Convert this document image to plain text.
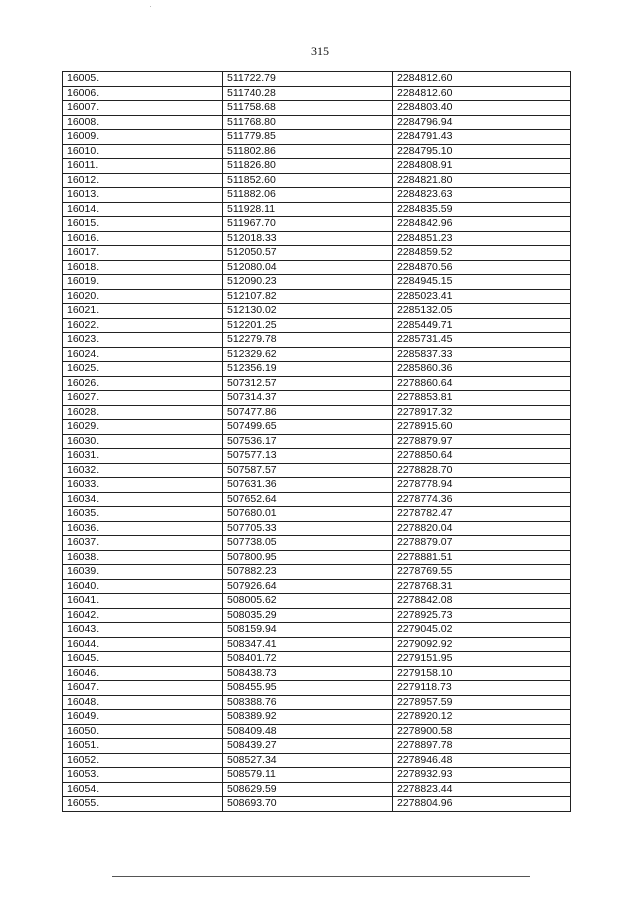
315
16005.	511722.79	2284812.60
16006.	511740.28	2284812.60
16007.	511758.68	2284803.40
16008.	511768.80	2284796.94
16009.	511779.85	2284791.43
16010.	511802.86	2284795.10
16011.	511826.80	2284808.91
16012.	511852.60	2284821.80
16013.	511882.06	2284823.63
16014.	511928.11	2284835.59
16015.	511967.70	2284842.96
16016.	512018.33	2284851.23
16017.	512050.57	2284859.52
16018.	512080.04	2284870.56
16019.	512090.23	2284945.15
16020.	512107.82	2285023.41
16021.	512130.02	2285132.05
16022.	512201.25	2285449.71
16023.	512279.78	2285731.45
16024.	512329.62	2285837.33
16025.	512356.19	2285860.36
16026.	507312.57	2278860.64
16027.	507314.37	2278853.81
16028.	507477.86	2278917.32
16029.	507499.65	2278915.60
16030.	507536.17	2278879.97
16031.	507577.13	2278850.64
16032.	507587.57	2278828.70
16033.	507631.36	2278778.94
16034.	507652.64	2278774.36
16035.	507680.01	2278782.47
16036.	507705.33	2278820.04
16037.	507738.05	2278879.07
16038.	507800.95	2278881.51
16039.	507882.23	2278769.55
16040.	507926.64	2278768.31
16041.	508005.62	2278842.08
16042.	508035.29	2278925.73
16043.	508159.94	2279045.02
16044.	508347.41	2279092.92
16045.	508401.72	2279151.95
16046.	508438.73	2279158.10
16047.	508455.95	2279118.73
16048.	508388.76	2278957.59
16049.	508389.92	2278920.12
16050.	508409.48	2278900.58
16051.	508439.27	2278897.78
16052.	508527.34	2278946.48
16053.	508579.11	2278932.93
16054.	508629.59	2278823.44
16055.	508693.70	2278804.96
